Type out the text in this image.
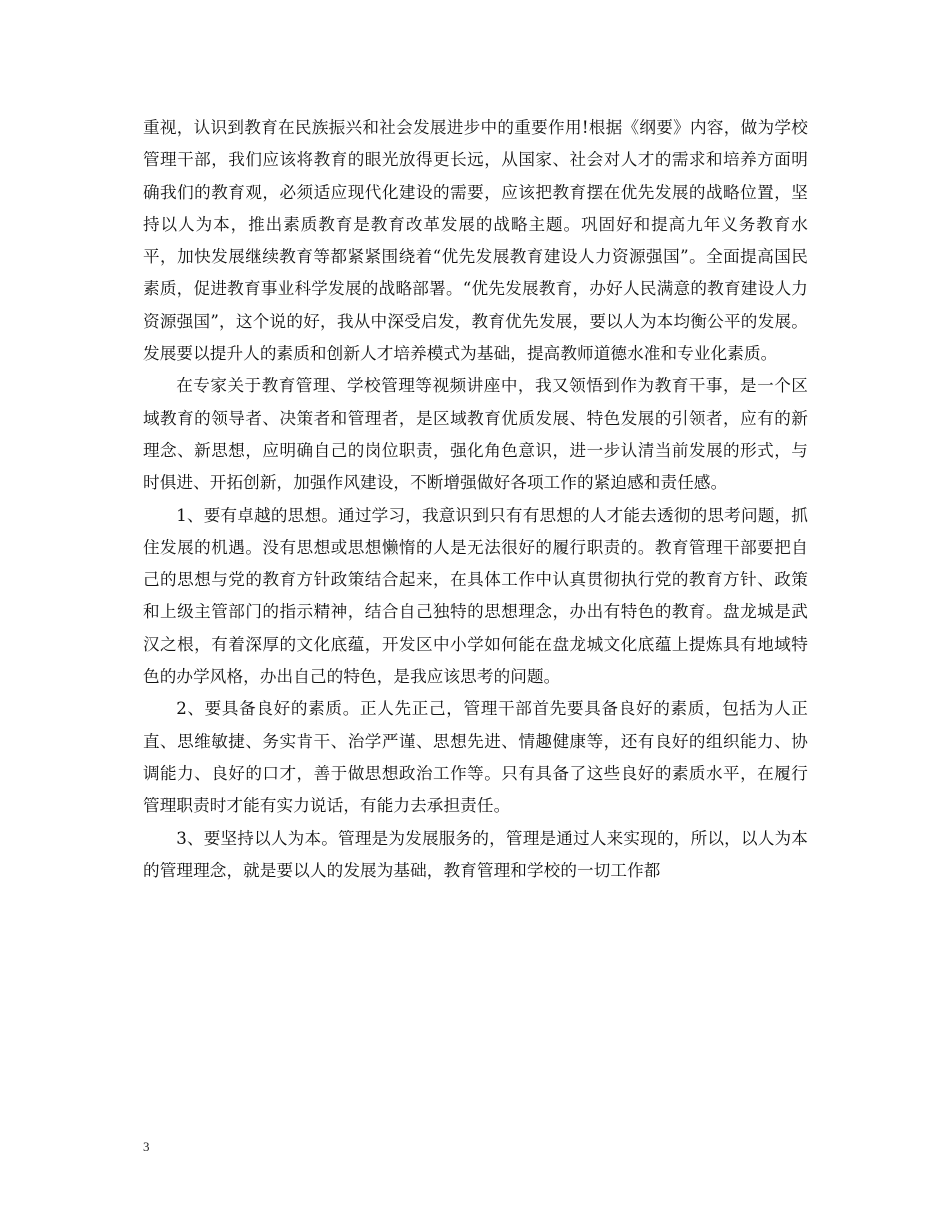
重视，认识到教育在民族振兴和社会发展进步中的重要作用!根据《纲要》内容，做为学校管理干部，我们应该将教育的眼光放得更长远，从国家、社会对人才的需求和培养方面明确我们的教育观，必须适应现代化建设的需要，应该把教育摆在优先发展的战略位置，坚持以人为本，推出素质教育是教育改革发展的战略主题。巩固好和提高九年义务教育水平，加快发展继续教育等都紧紧围绕着“优先发展教育建设人力资源强国”。全面提高国民素质，促进教育事业科学发展的战略部署。“优先发展教育，办好人民满意的教育建设人力资源强国”，这个说的好，我从中深受启发，教育优先发展，要以人为本均衡公平的发展。发展要以提升人的素质和创新人才培养模式为基础，提高教师道德水准和专业化素质。

在专家关于教育管理、学校管理等视频讲座中，我又领悟到作为教育干事，是一个区域教育的领导者、决策者和管理者，是区域教育优质发展、特色发展的引领者，应有的新理念、新思想，应明确自己的岗位职责，强化角色意识，进一步认清当前发展的形式，与时俱进、开拓创新，加强作风建设，不断增强做好各项工作的紧迫感和责任感。

1、要有卓越的思想。通过学习，我意识到只有有思想的人才能去透彻的思考问题，抓住发展的机遇。没有思想或思想懒惰的人是无法很好的履行职责的。教育管理干部要把自己的思想与党的教育方针政策结合起来，在具体工作中认真贯彻执行党的教育方针、政策和上级主管部门的指示精神，结合自己独特的思想理念，办出有特色的教育。盘龙城是武汉之根，有着深厚的文化底蕴，开发区中小学如何能在盘龙城文化底蕴上提炼具有地域特色的办学风格，办出自己的特色，是我应该思考的问题。

2、要具备良好的素质。正人先正己，管理干部首先要具备良好的素质，包括为人正直、思维敏捷、务实肯干、治学严谨、思想先进、情趣健康等，还有良好的组织能力、协调能力、良好的口才，善于做思想政治工作等。只有具备了这些良好的素质水平，在履行管理职责时才能有实力说话，有能力去承担责任。

3、要坚持以人为本。管理是为发展服务的，管理是通过人来实现的，所以，以人为本的管理理念，就是要以人的发展为基础，教育管理和学校的一切工作都

3
